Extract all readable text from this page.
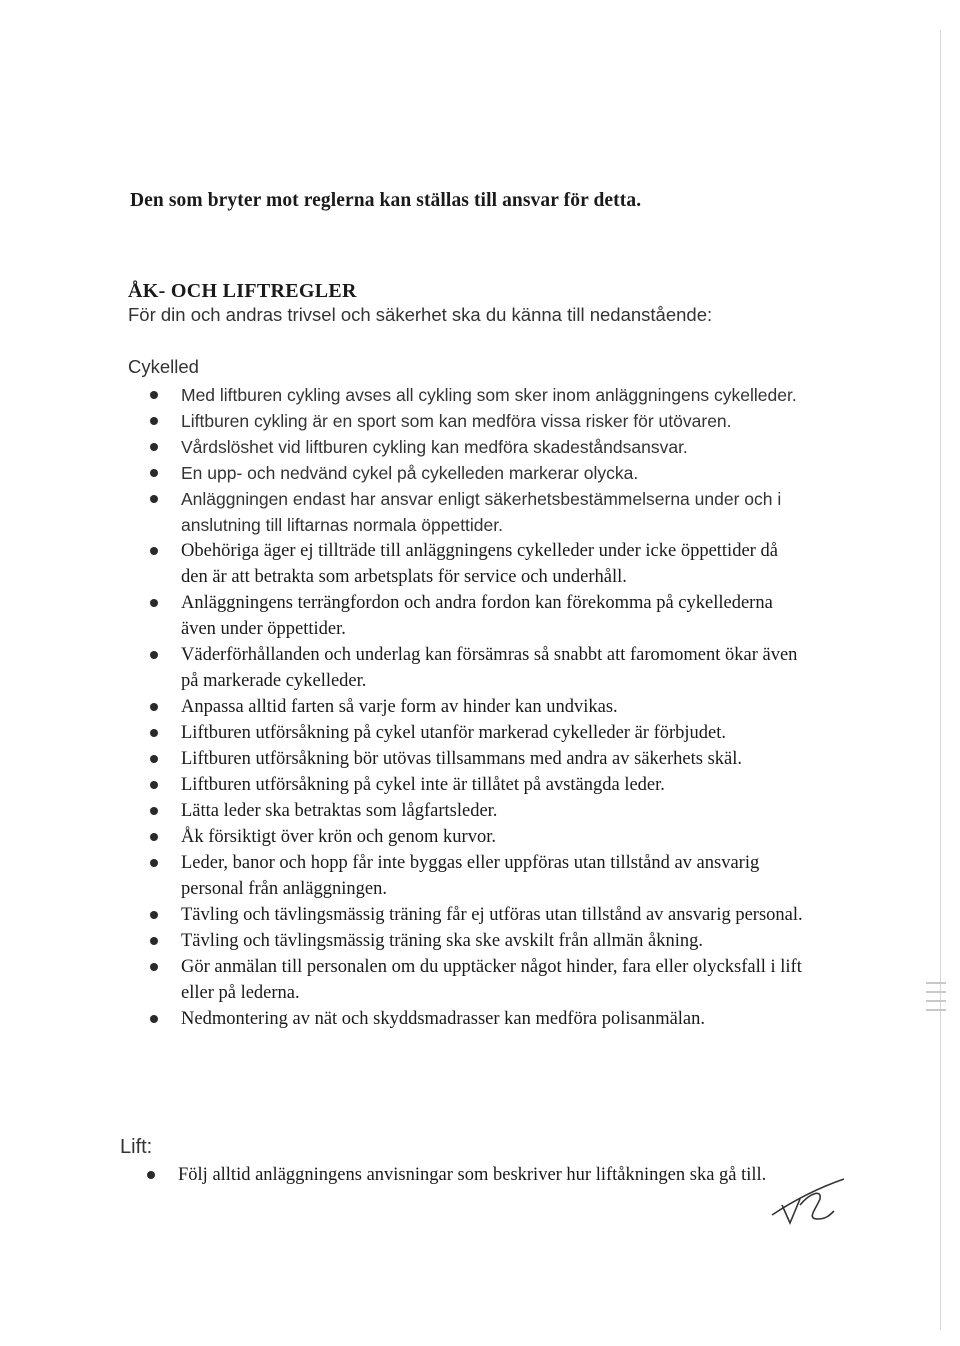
Den som bryter mot reglerna kan ställas till ansvar för detta.
ÅK- OCH LIFTREGLER
För din och andras trivsel och säkerhet ska du känna till nedanstående:
Cykelled
Med liftburen cykling avses all cykling som sker inom anläggningens cykelleder.
Liftburen cykling är en sport som kan medföra vissa risker för utövaren.
Vårdslöshet vid liftburen cykling kan medföra skadeståndsansvar.
En upp- och nedvänd cykel på cykelleden markerar olycka.
Anläggningen endast har ansvar enligt säkerhetsbestämmelserna under och i anslutning till liftarnas normala öppettider.
Obehöriga äger ej tillträde till anläggningens cykelleder under icke öppettider då den är att betrakta som arbetsplats för service och underhåll.
Anläggningens terrängfordon och andra fordon kan förekomma på cykellederna även under öppettider.
Väderförhållanden och underlag kan försämras så snabbt att faromoment ökar även på markerade cykelleder.
Anpassa alltid farten så varje form av hinder kan undvikas.
Liftburen utförsåkning på cykel utanför markerad cykelleder är förbjudet.
Liftburen utförsåkning bör utövas tillsammans med andra av säkerhets skäl.
Liftburen utförsåkning på cykel inte är tillåtet på avstängda leder.
Lätta leder ska betraktas som lågfartsleder.
Åk försiktigt över krön och genom kurvor.
Leder, banor och hopp får inte byggas eller uppföras utan tillstånd av ansvarig personal från anläggningen.
Tävling och tävlingsmässig träning får ej utföras utan tillstånd av ansvarig personal.
Tävling och tävlingsmässig träning ska ske avskilt från allmän åkning.
Gör anmälan till personalen om du upptäcker något hinder, fara eller olycksfall i lift eller på lederna.
Nedmontering av nät och skyddsmadrasser kan medföra polisanmälan.
Lift:
Följ alltid anläggningens anvisningar som beskriver hur liftåkningen ska gå till.
